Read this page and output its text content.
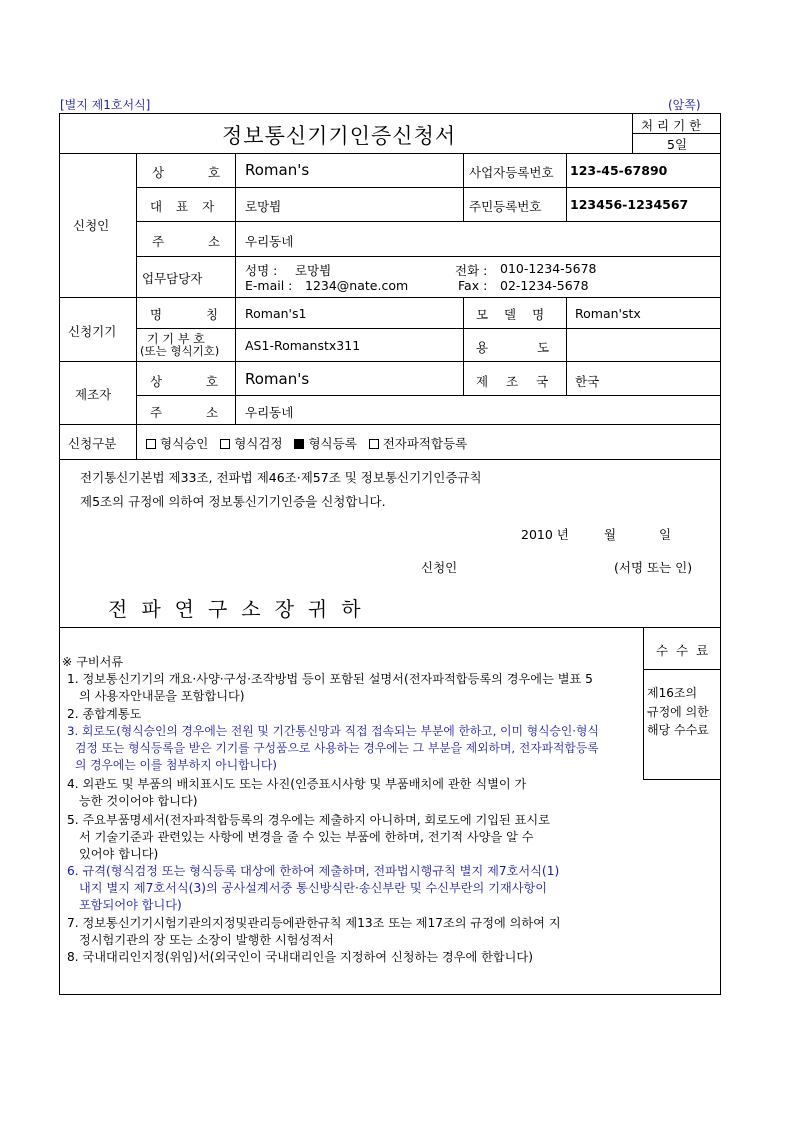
[별지 제1호서식]	(앞쪽)
정보통신기기인증신청서	처 리 기 한
5일
신청인
상 호 Roman's	사업자등록번호 123-45-67890
대 표 자 로망뷤	주민등록번호 123456-1234567
주 소 우리동네
업무담당자
성명 : 로망뷤	전화 : 010-1234-5678
E-mail : 1234@nate.com	Fax : 02-1234-5678
신청기기
명 칭 Roman's1	모 델 명 Roman'stx
기 기 부 호
(또는 형식기호) AS1-Romanstx311	용 도
제조자
상 호 Roman's	제 조 국 한국
주 소 우리동네
신청구분	형식승인 형식검정 형식등록 전자파적합등록
전기통신기본법 제33조, 전파법 제46조·제57조 및 정보통신기기인증규칙
제5조의 규정에 의하여 정보통신기기인증을 신청합니다.
2010 년	월	일
신청인	(서명 또는 인)
전파연구소장귀하
수 수 료
제16조의
규정에 의한
해당 수수료
※ 구비서류
1. 정보통신기기의 개요·사양·구성·조작방법 등이 포함된 설명서(전자파적합등록의 경우에는 별표 5
의 사용자안내문을 포함합니다)
2. 종합계통도
3. 회로도(형식승인의 경우에는 전원 및 기간통신망과 직접 접속되는 부분에 한하고, 이미 형식승인·형식
검정 또는 형식등록을 받은 기기를 구성품으로 사용하는 경우에는 그 부분을 제외하며, 전자파적합등록
의 경우에는 이를 첨부하지 아니합니다)
4. 외관도 및 부품의 배치표시도 또는 사진(인증표시사항 및 부품배치에 관한 식별이 가
능한 것이어야 합니다)
5. 주요부품명세서(전자파적합등록의 경우에는 제출하지 아니하며, 회로도에 기입된 표시로
서 기술기준과 관련있는 사항에 변경을 줄 수 있는 부품에 한하며, 전기적 사양을 알 수
있어야 합니다)
6. 규격(형식검정 또는 형식등록 대상에 한하여 제출하며, 전파법시행규칙 별지 제7호서식(1)
내지 별지 제7호서식(3)의 공사설계서중 통신방식란·송신부란 및 수신부란의 기재사항이
포함되어야 합니다)
7. 정보통신기기시험기관의지정및관리등에관한규칙 제13조 또는 제17조의 규정에 의하여 지
정시험기관의 장 또는 소장이 발행한 시험성적서
8. 국내대리인지정(위임)서(외국인이 국내대리인을 지정하여 신청하는 경우에 한합니다)
